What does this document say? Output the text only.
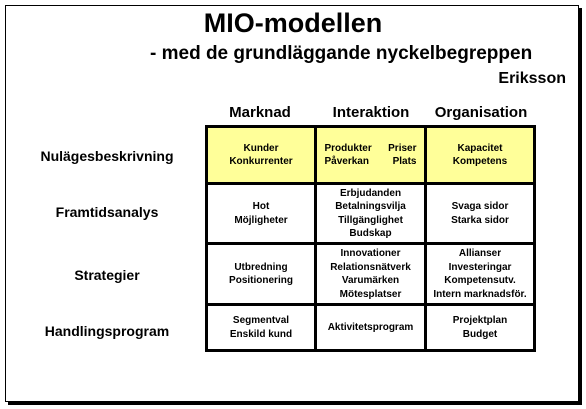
MIO-modellen
- med de grundläggande nyckelbegreppen
Eriksson
Marknad	Interaktion	Organisation
Nulägesbeskrivning
Framtidsanalys
Strategier
Handlingsprogram
Kunder
Konkurrenter
Produkter Priser
Påverkan Plats
Kapacitet
Kompetens
Hot
Möjligheter
Erbjudanden
Betalningsvilja
Tillgänglighet
Budskap
Svaga sidor
Starka sidor
Utbredning
Positionering
Innovationer
Relationsnätverk
Varumärken
Mötesplatser
Allianser
Investeringar
Kompetensutv.
Intern marknadsför.
Segmentval
Enskild kund
Aktivitetsprogram
Projektplan
Budget
